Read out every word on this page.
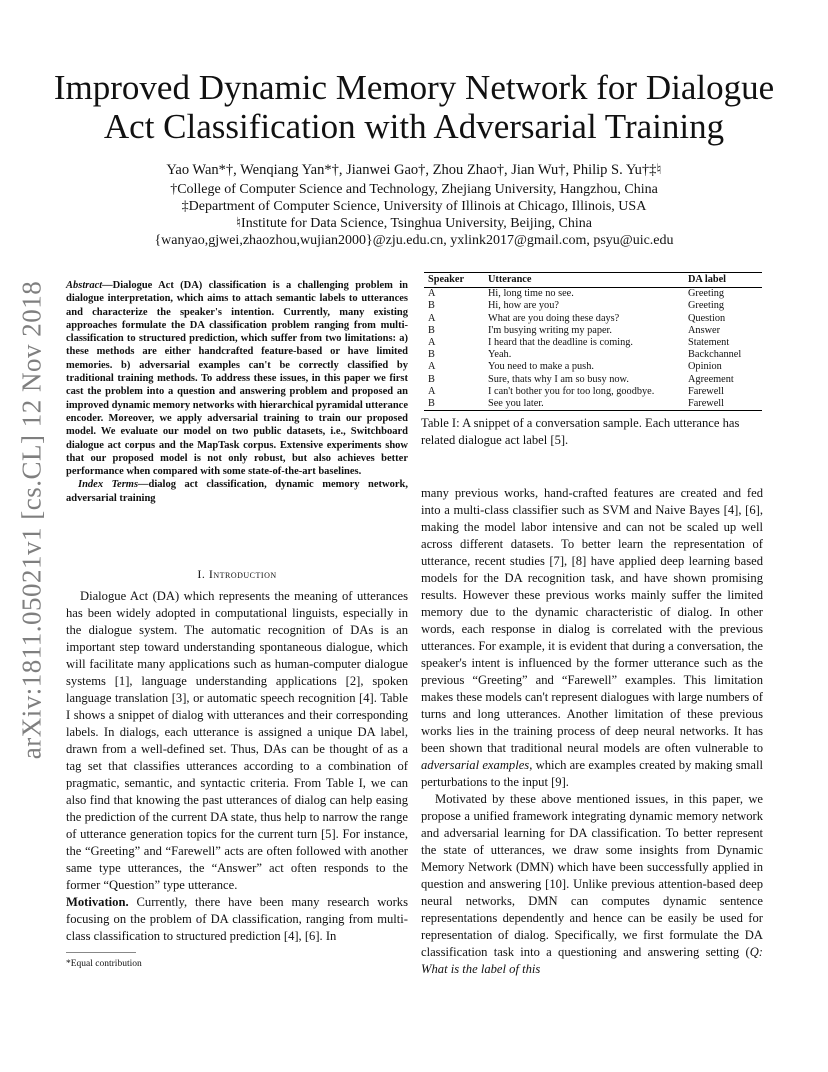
arXiv:1811.05021v1 [cs.CL] 12 Nov 2018
Improved Dynamic Memory Network for Dialogue
Act Classification with Adversarial Training
Yao Wan*†, Wenqiang Yan*†, Jianwei Gao†, Zhou Zhao†, Jian Wu†, Philip S. Yu†‡♮
†College of Computer Science and Technology, Zhejiang University, Hangzhou, China
‡Department of Computer Science, University of Illinois at Chicago, Illinois, USA
♮Institute for Data Science, Tsinghua University, Beijing, China
{wanyao,gjwei,zhaozhou,wujian2000}@zju.edu.cn, yxlink2017@gmail.com, psyu@uic.edu

Abstract—Dialogue Act (DA) classification is a challenging problem in dialogue interpretation, which aims to attach semantic labels to utterances and characterize the speaker's intention. Currently, many existing approaches formulate the DA classification problem ranging from multi-classification to structured prediction, which suffer from two limitations: a) these methods are either handcrafted feature-based or have limited memories. b) adversarial examples can't be correctly classified by traditional training methods. To address these issues, in this paper we first cast the problem into a question and answering problem and proposed an improved dynamic memory networks with hierarchical pyramidal utterance encoder. Moreover, we apply adversarial training to train our proposed model. We evaluate our model on two public datasets, i.e., Switchboard dialogue act corpus and the MapTask corpus. Extensive experiments show that our proposed model is not only robust, but also achieves better performance when compared with some state-of-the-art baselines.

Index Terms—dialog act classification, dynamic memory network, adversarial training

I. Introduction

Dialogue Act (DA) which represents the meaning of utterances has been widely adopted in computational linguists, especially in the dialogue system. The automatic recognition of DAs is an important step toward understanding spontaneous dialogue, which will facilitate many applications such as human-computer dialogue systems [1], language understanding applications [2], spoken language translation [3], or automatic speech recognition [4]. Table I shows a snippet of dialog with utterances and their corresponding labels. In dialogs, each utterance is assigned a unique DA label, drawn from a well-defined set. Thus, DAs can be thought of as a tag set that classifies utterances according to a combination of pragmatic, semantic, and syntactic criteria. From Table I, we can also find that knowing the past utterances of dialog can help easing the prediction of the current DA state, thus help to narrow the range of utterance generation topics for the current turn [5]. For instance, the “Greeting” and “Farewell” acts are often followed with another same type utterances, the “Answer” act often responds to the former “Question” type utterance.

Motivation. Currently, there have been many research works focusing on the problem of DA classification, ranging from multi-class classification to structured prediction [4], [6]. In

*Equal contribution
Speaker	Utterance	DA label
A	Hi, long time no see.	Greeting
B	Hi, how are you?	Greeting
A	What are you doing these days?	Question
B	I'm busying writing my paper.	Answer
A	I heard that the deadline is coming.	Statement
B	Yeah.	Backchannel
A	You need to make a push.	Opinion
B	Sure, thats why I am so busy now.	Agreement
A	I can't bother you for too long, goodbye.	Farewell
B	See you later.	Farewell
Table I: A snippet of a conversation sample. Each utterance has related dialogue act label [5].

many previous works, hand-crafted features are created and fed into a multi-class classifier such as SVM and Naive Bayes [4], [6], making the model labor intensive and can not be scaled up well across different datasets. To better learn the representation of utterance, recent studies [7], [8] have applied deep learning based models for the DA recognition task, and have shown promising results. However these previous works mainly suffer the limited memory due to the dynamic characteristic of dialog. In other words, each response in dialog is correlated with the previous utterances. For example, it is evident that during a conversation, the speaker's intent is influenced by the former utterance such as the previous “Greeting” and “Farewell” examples. This limitation makes these models can't represent dialogues with large numbers of turns and long utterances. Another limitation of these previous works lies in the training process of deep neural networks. It has been shown that traditional neural models are often vulnerable to adversarial examples, which are examples created by making small perturbations to the input [9].

Motivated by these above mentioned issues, in this paper, we propose a unified framework integrating dynamic memory network and adversarial learning for DA classification. To better represent the state of utterances, we draw some insights from Dynamic Memory Network (DMN) which have been successfully applied in question and answering [10]. Unlike previous attention-based deep neural networks, DMN can computes dynamic sentence representations dependently and hence can be easily be used for representation of dialog. Specifically, we first formulate the DA classification task into a questioning and answering setting (Q: What is the label of this
